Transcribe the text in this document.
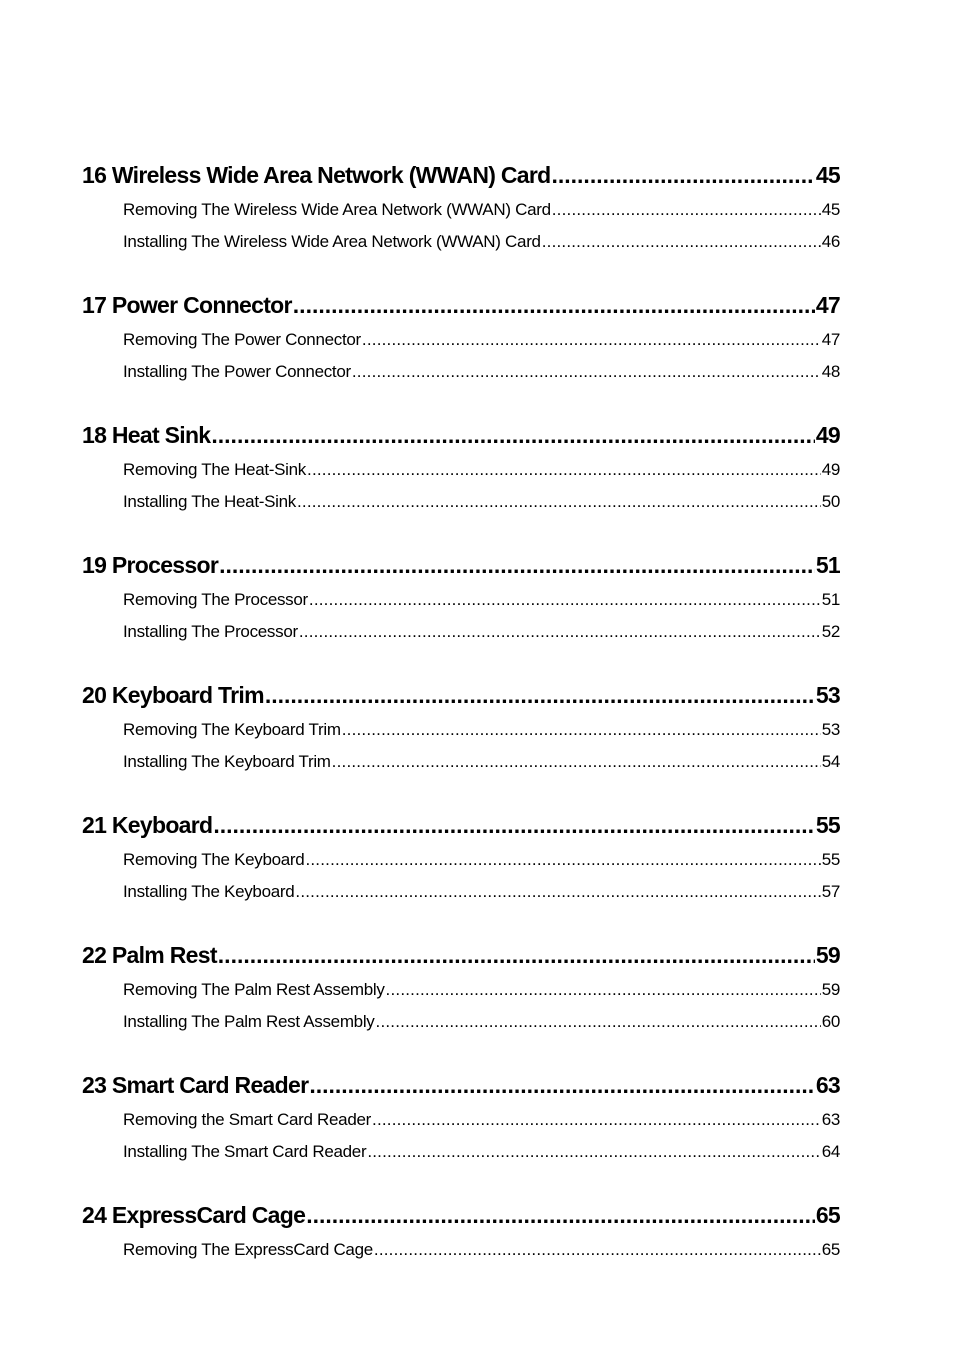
16 Wireless Wide Area Network (WWAN) Card .....	45
Removing The Wireless Wide Area Network (WWAN) Card .....	45
Installing The Wireless Wide Area Network (WWAN) Card .....	46
17 Power Connector .....	47
Removing The Power Connector .....	47
Installing The Power Connector .....	48
18 Heat Sink .....	49
Removing The Heat-Sink .....	49
Installing The Heat-Sink .....	50
19 Processor .....	51
Removing The Processor .....	51
Installing The Processor .....	52
20 Keyboard Trim .....	53
Removing The Keyboard Trim .....	53
Installing The Keyboard Trim .....	54
21 Keyboard .....	55
Removing The Keyboard .....	55
Installing The Keyboard .....	57
22 Palm Rest .....	59
Removing The Palm Rest Assembly .....	59
Installing The Palm Rest Assembly .....	60
23 Smart Card Reader .....	63
Removing the Smart Card Reader .....	63
Installing The Smart Card Reader .....	64
24 ExpressCard Cage .....	65
Removing The ExpressCard Cage .....	65
